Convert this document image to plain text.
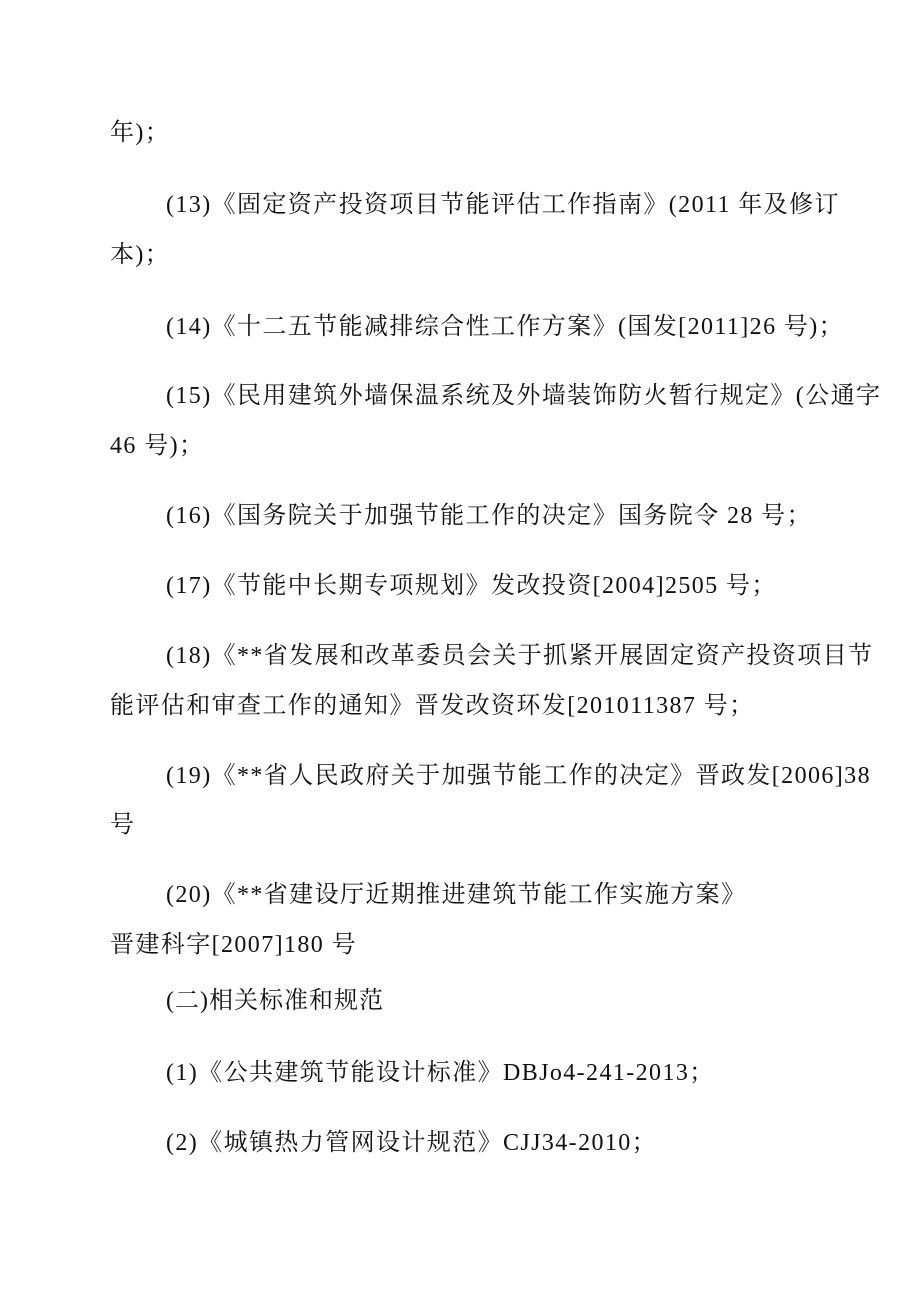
年)；

(13)《固定资产投资项目节能评估工作指南》(2011 年及修订

本)；

(14)《十二五节能减排综合性工作方案》(国发[2011]26 号)；

(15)《民用建筑外墙保温系统及外墙装饰防火暂行规定》(公通字

46 号)；

(16)《国务院关于加强节能工作的决定》国务院令 28 号；

(17)《节能中长期专项规划》发改投资[2004]2505 号；

(18)《**省发展和改革委员会关于抓紧开展固定资产投资项目节

能评估和审查工作的通知》晋发改资环发[201011387 号；

(19)《**省人民政府关于加强节能工作的决定》晋政发[2006]38

号

(20)《**省建设厅近期推进建筑节能工作实施方案》

晋建科字[2007]180 号

(二)相关标准和规范

(1)《公共建筑节能设计标准》DBJo4-241-2013；

(2)《城镇热力管网设计规范》CJJ34-2010；
